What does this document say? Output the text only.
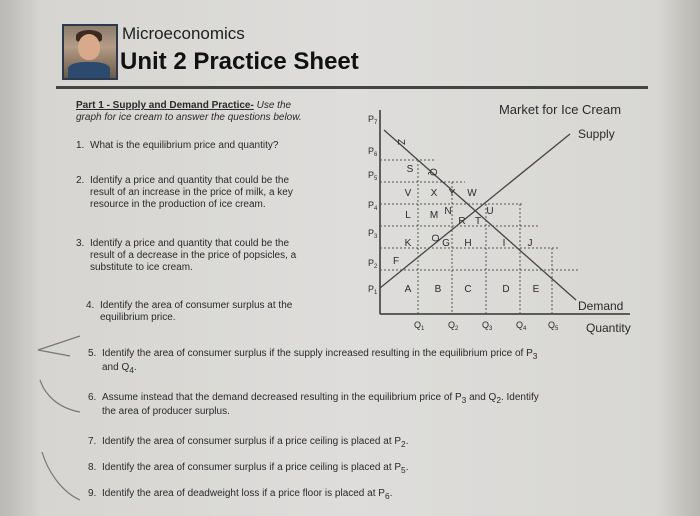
Microeconomics
Unit 2 Practice Sheet
Part 1 - Supply and Demand Practice- Use the
graph for ice cream to answer the questions below.
1. What is the equilibrium price and quantity?
2. Identify a price and quantity that could be the
result of an increase in the price of milk, a key
resource in the production of ice cream.
3. Identify a price and quantity that could be the
result of a decrease in the price of popsicles, a
substitute to ice cream.
4. Identify the area of consumer surplus at the
equilibrium price.
5. Identify the area of consumer surplus if the supply increased resulting in the equilibrium price of $P_3$
and $Q_4$.
6. Assume instead that the demand decreased resulting in the equilibrium price of $P_3$ and $Q_2$. Identify
the area of producer surplus.
7. Identify the area of consumer surplus if a price ceiling is placed at $P_2$.
8. Identify the area of consumer surplus if a price ceiling is placed at $P_5$.
9. Identify the area of deadweight loss if a price floor is placed at $P_6$.
Market for Ice Cream
$P_7$
$P_6$
$P_5$
$P_4$
$P_3$
$P_2$
$P_1$
$Q_1$	$Q_2$	$Q_3$	$Q_4$ $Q_5$
Supply
Demand
Quantity
Z
S Q
V X Y W
U
L M N
R T
K O G H	I J
F
A B C	D E
